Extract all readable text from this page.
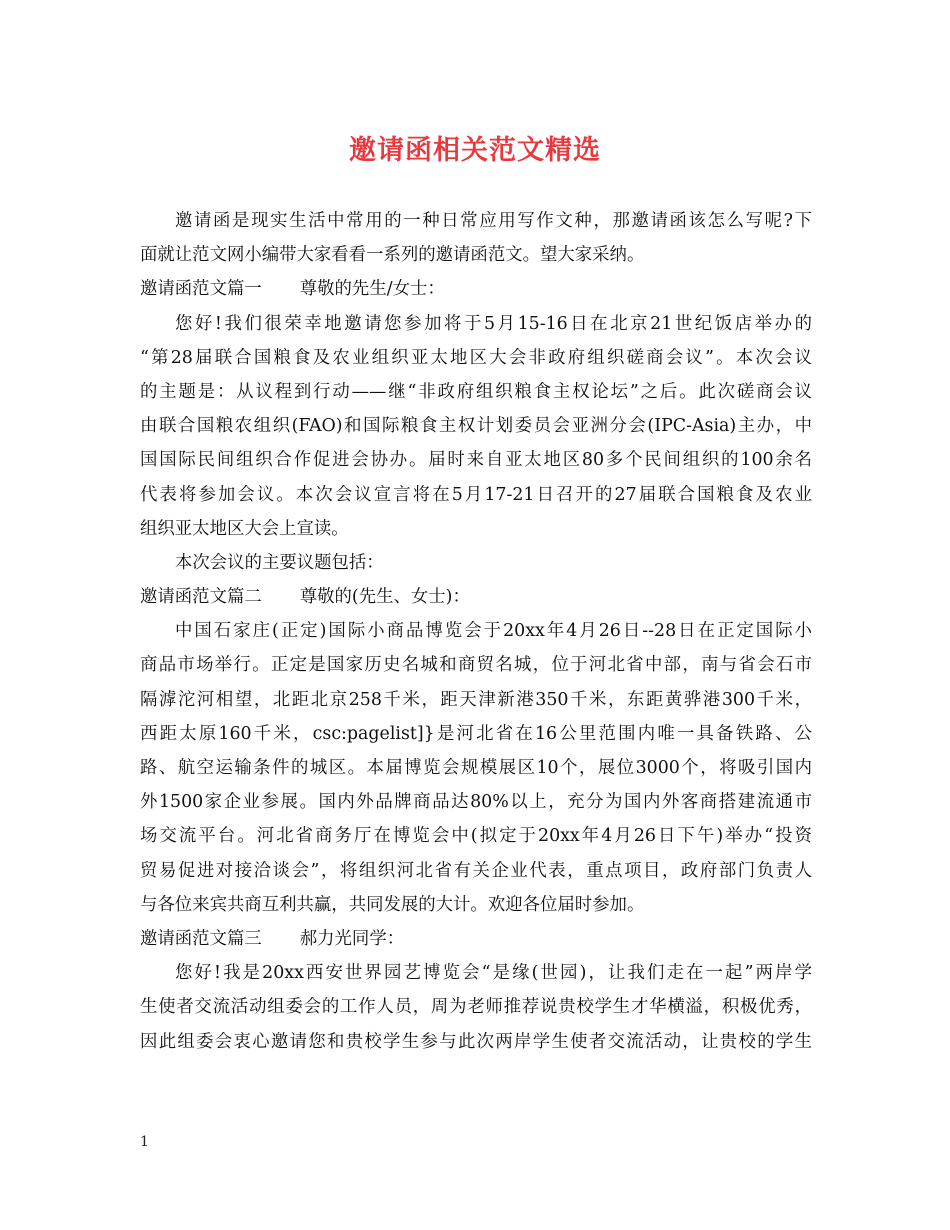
邀请函相关范文精选
邀请函是现实生活中常用的一种日常应用写作文种，那邀请函该怎么写呢?下
面就让范文网小编带大家看看一系列的邀请函范文。望大家采纳。
邀请函范文篇一 尊敬的先生/女士：
您好!我们很荣幸地邀请您参加将于5月15-16日在北京21世纪饭店举办的
“第28届联合国粮食及农业组织亚太地区大会非政府组织磋商会议”。本次会议
的主题是：从议程到行动——继“非政府组织粮食主权论坛”之后。此次磋商会议
由联合国粮农组织(FAO)和国际粮食主权计划委员会亚洲分会(IPC-Asia)主办，中
国国际民间组织合作促进会协办。届时来自亚太地区80多个民间组织的100余名
代表将参加会议。本次会议宣言将在5月17-21日召开的27届联合国粮食及农业
组织亚太地区大会上宣读。
本次会议的主要议题包括：
邀请函范文篇二 尊敬的(先生、女士)：
中国石家庄(正定)国际小商品博览会于20xx年4月26日--28日在正定国际小
商品市场举行。正定是国家历史名城和商贸名城，位于河北省中部，南与省会石市
隔滹沱河相望，北距北京258千米，距天津新港350千米，东距黄骅港300千米，
西距太原160千米，csc:pagelist]}是河北省在16公里范围内唯一具备铁路、公
路、航空运输条件的城区。本届博览会规模展区10个，展位3000个，将吸引国内
外1500家企业参展。国内外品牌商品达80%以上，充分为国内外客商搭建流通市
场交流平台。河北省商务厅在博览会中(拟定于20xx年4月26日下午)举办“投资
贸易促进对接洽谈会”，将组织河北省有关企业代表，重点项目，政府部门负责人
与各位来宾共商互利共赢，共同发展的大计。欢迎各位届时参加。
邀请函范文篇三 郝力光同学：
您好!我是20xx西安世界园艺博览会“是缘(世园)，让我们走在一起”两岸学
生使者交流活动组委会的工作人员，周为老师推荐说贵校学生才华横溢，积极优秀，
因此组委会衷心邀请您和贵校学生参与此次两岸学生使者交流活动，让贵校的学生
1
